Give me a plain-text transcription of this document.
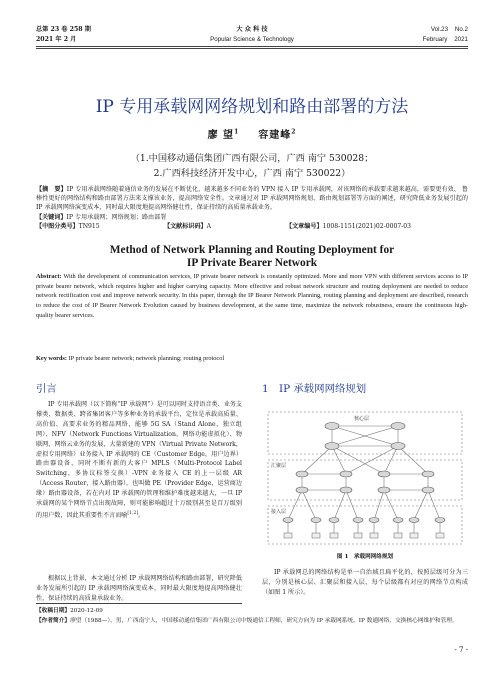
总第 23 卷 258 期
2021 年 2 月
大 众 科 技
Popular Science & Technology
Vol.23    No.2
February    2021
IP 专用承载网网络规划和路由部署的方法
廖 望$^1$ 容建峰$^2$
（1.中国移动通信集团广西有限公司，广西 南宁 530028；
2.广西科技经济开发中心，广西 南宁 530022）
【摘　要】IP 专用承载网络随着通信业务的发展在不断优化，越来越多不同业务的 VPN 接入 IP 专用承载网，对该网络的承载要求越来越高，需要更有效、 鲁棒性更好的网络结构和路由部署方法来支撑该业务，提高网络安全性。文章通过对 IP 承载网网络规划、路由规划部署等方面的阐述，研究降低业务发展引起的 IP 承载网网络演变成本，同时最大限度地提高网络健壮性，保证持续的高质量承载业务。
【关键词】IP 专用承载网；网络规划；路由部署
【中图分类号】TN915	【文献标识码】A	【文章编号】1008-1151(2021)02-0007-03
Method of Network Planning and Routing Deployment for
IP Private Bearer Network
Abstract: With the development of communication services, IP private bearer network is constantly optimized. More and more VPN with different services access to IP private bearer network, which requires higher and higher carrying capacity. More effective and robust network structure and routing deployment are needed to reduce network rectification cost and improve network security. In this paper, through the IP Bearer Network Planning, routing planning and deployment are described, research to reduce the cost of IP Bearer Network Evolution caused by business development, at the same time, maximize the network robustness, ensure the continuous high-quality bearer services.
Key words: IP private bearer network; network planning; routing protocol
引言
IP 专用承载网（以下简称“IP 承载网”）是可以同时支持语音类、业务支撑类、数据类、跨省集团客户等多种业务的承载平台，定位是承载高质量、高价值、高要求业务的精品网络，能够 5G SA（Stand Alone，独立组网）、NFV（Network Functions Virtualization，网络功能虚拟化）、物联网、网络云业务的发展，大量新建的 VPN（Virtual Private Network，虚拟专用网络）业务接入 IP 承载网的 CE（Customer Edge，用户边界）路由器设备，同时不断有新的大客户 MPLS（Multi-Protocol Label Switching，多协议标签交换）-VPN 业务接入 CE 的上一层级 AR（Access Router，接入路由器），也叫做 PE（Provider Edge，运营商边缘）路由器设备，若在内对 IP 承载网的管理和维护难度越来越大，一旦 IP 承载网的某个网络节点出现故障，则可能影响超过十万级别甚至是百万级别的用户数，因此其重要性不言而喻[1,2]。
根据以上背景，本文通过分析 IP 承载网网络结构和路由部署，研究降低业务发展所引起的 IP 承载网网络演变成本，同时最大限度地提高网络健壮性，保证持续的高质量承载业务。
1　IP 承载网网络规划
核心层
汇聚层
接入层
图 1　承载网网络规划
IP 承载网总的网络结构是单一自治域且扁平化的，按照层级可分为三层，分别是核心层、汇聚层和接入层，每个层级都有对应的网络节点构成（如图 1 所示）。
【收稿日期】2020-12-09
【作者简介】廖望（1988—），男，广西南宁人，中国移动通信集团广西有限公司中级通信工程师，研究方向为 IP 承载网系统、IP 数通网络、交换核心网维护和管理。
- 7 -
